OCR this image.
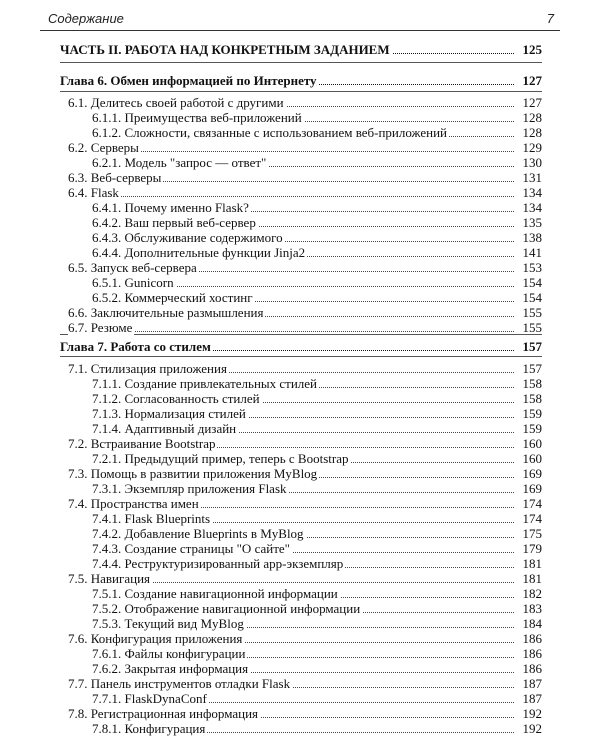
Содержание	7
ЧАСТЬ II. РАБОТА НАД КОНКРЕТНЫМ ЗАДАНИЕМ	125
Глава 6. Обмен информацией по Интернету	127
6.1. Делитесь своей работой с другими	127
6.1.1. Преимущества веб-приложений	128
6.1.2. Сложности, связанные с использованием веб-приложений	128
6.2. Серверы	129
6.2.1. Модель "запрос — ответ"	130
6.3. Веб-серверы	131
6.4. Flask	134
6.4.1. Почему именно Flask?	134
6.4.2. Ваш первый веб-сервер	135
6.4.3. Обслуживание содержимого	138
6.4.4. Дополнительные функции Jinja2	141
6.5. Запуск веб-сервера	153
6.5.1. Gunicorn	154
6.5.2. Коммерческий хостинг	154
6.6. Заключительные размышления	155
6.7. Резюме	155
Глава 7. Работа со стилем	157
7.1. Стилизация приложения	157
7.1.1. Создание привлекательных стилей	158
7.1.2. Согласованность стилей	158
7.1.3. Нормализация стилей	159
7.1.4. Адаптивный дизайн	159
7.2. Встраивание Bootstrap	160
7.2.1. Предыдущий пример, теперь с Bootstrap	160
7.3. Помощь в развитии приложения MyBlog	169
7.3.1. Экземпляр приложения Flask	169
7.4. Пространства имен	174
7.4.1. Flask Blueprints	174
7.4.2. Добавление Blueprints в MyBlog	175
7.4.3. Создание страницы "О сайте"	179
7.4.4. Реструктуризированный app-экземпляр	181
7.5. Навигация	181
7.5.1. Создание навигационной информации	182
7.5.2. Отображение навигационной информации	183
7.5.3. Текущий вид MyBlog	184
7.6. Конфигурация приложения	186
7.6.1. Файлы конфигурации	186
7.6.2. Закрытая информация	186
7.7. Панель инструментов отладки Flask	187
7.7.1. FlaskDynaConf	187
7.8. Регистрационная информация	192
7.8.1. Конфигурация	192
